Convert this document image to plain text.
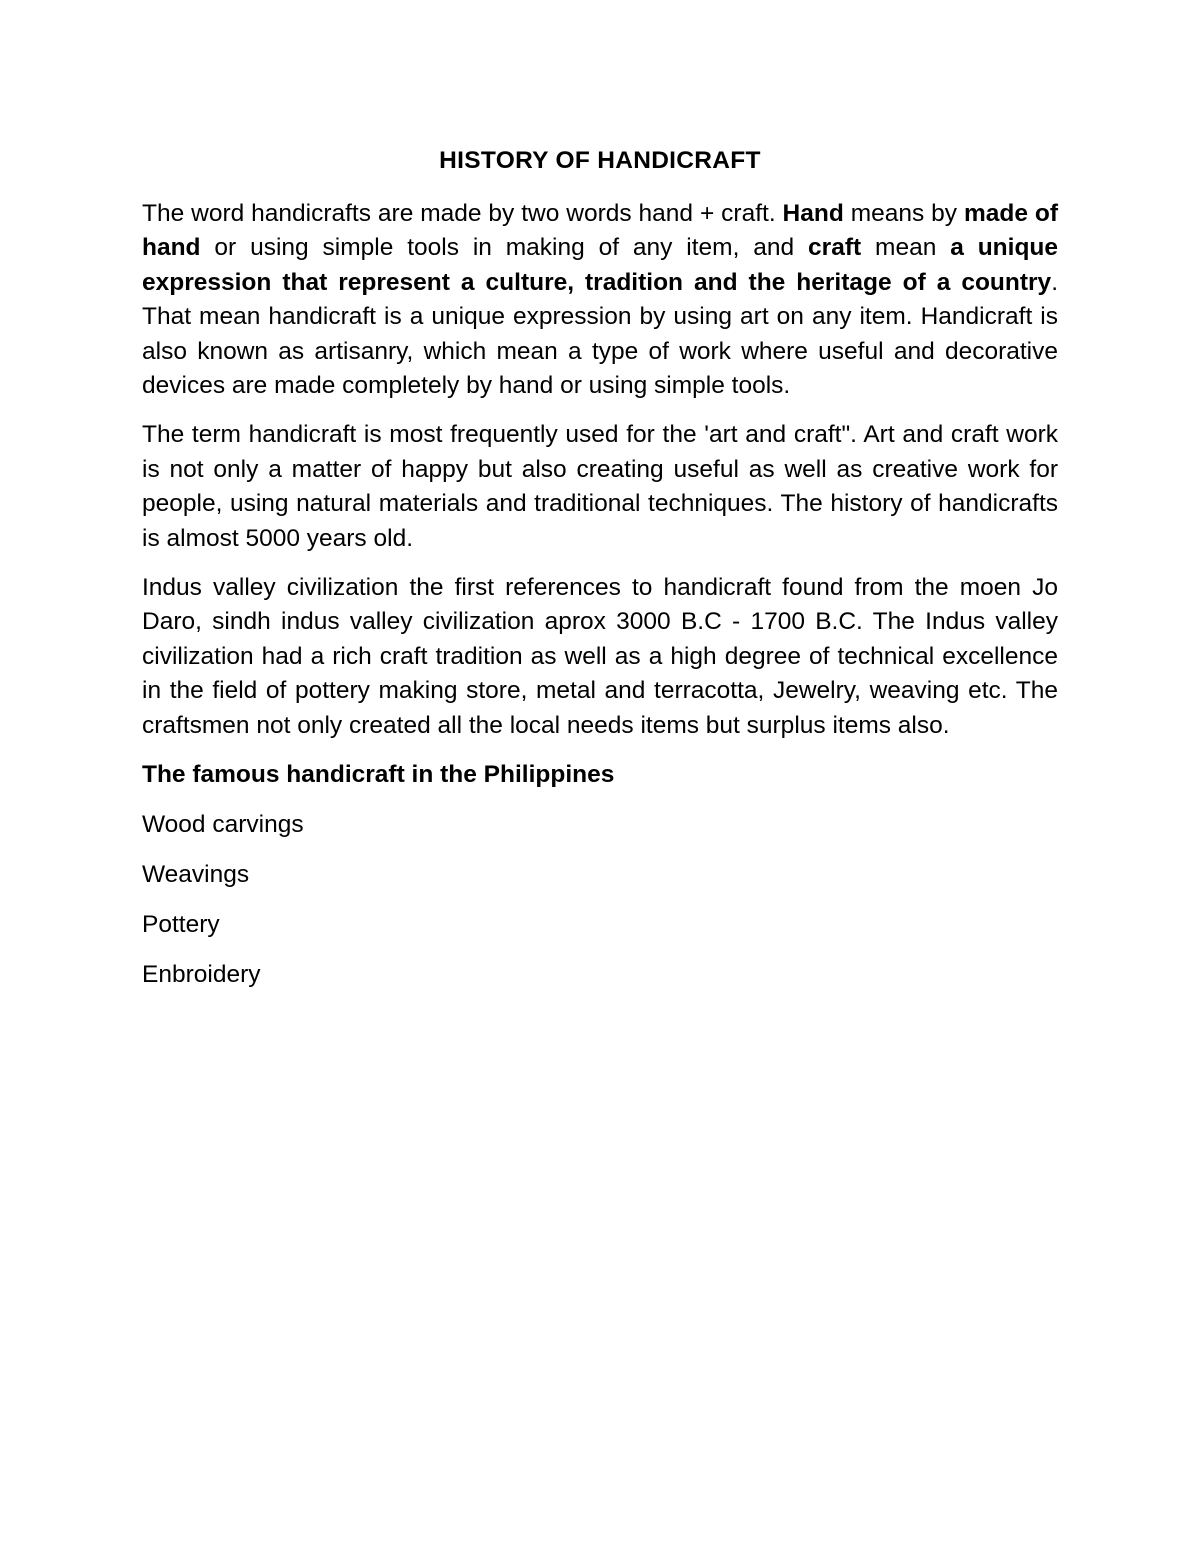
HISTORY OF HANDICRAFT

The word handicrafts are made by two words hand + craft. Hand means by made of hand or using simple tools in making of any item, and craft mean a unique expression that represent a culture, tradition and the heritage of a country. That mean handicraft is a unique expression by using art on any item. Handicraft is also known as artisanry, which mean a type of work where useful and decorative devices are made completely by hand or using simple tools.

The term handicraft is most frequently used for the 'art and craft". Art and craft work is not only a matter of happy but also creating useful as well as creative work for people, using natural materials and traditional techniques. The history of handicrafts is almost 5000 years old.

Indus valley civilization the first references to handicraft found from the moen Jo Daro, sindh indus valley civilization aprox 3000 B.C - 1700 B.C. The Indus valley civilization had a rich craft tradition as well as a high degree of technical excellence in the field of pottery making store, metal and terracotta, Jewelry, weaving etc. The craftsmen not only created all the local needs items but surplus items also.

The famous handicraft in the Philippines

Wood carvings
Weavings
Pottery
Enbroidery
